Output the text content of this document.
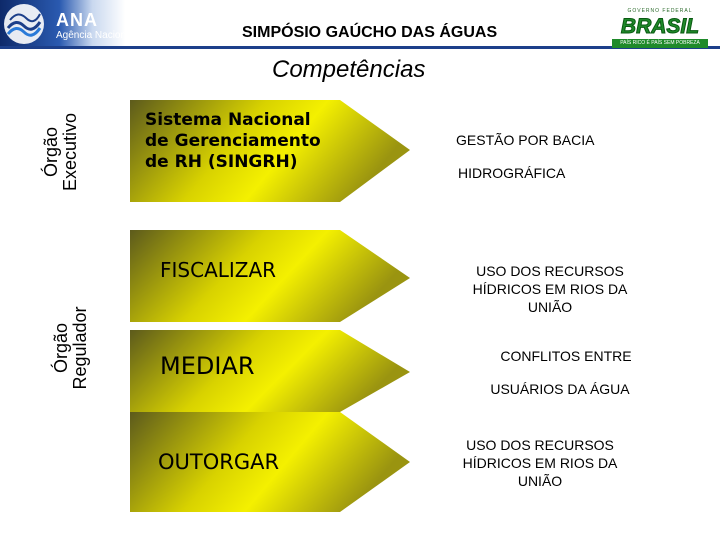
ANA
Agência Nacional de Águas	SIMPÓSIO GAÚCHO DAS ÁGUAS
GOVERNO FEDERAL
BRASIL
PAÍS RICO É PAÍS SEM POBREZA
Competências
Órgão Executivo
Órgão Regulador
Sistema Nacional
de Gerenciamento
de RH (SINGRH)
FISCALIZAR
MEDIAR
OUTORGAR
GESTÃO POR BACIA
HIDROGRÁFICA
USO DOS RECURSOS
HÍDRICOS EM RIOS DA
UNIÃO
CONFLITOS ENTRE
USUÁRIOS DA ÁGUA
USO DOS RECURSOS
HÍDRICOS EM RIOS DA
UNIÃO
